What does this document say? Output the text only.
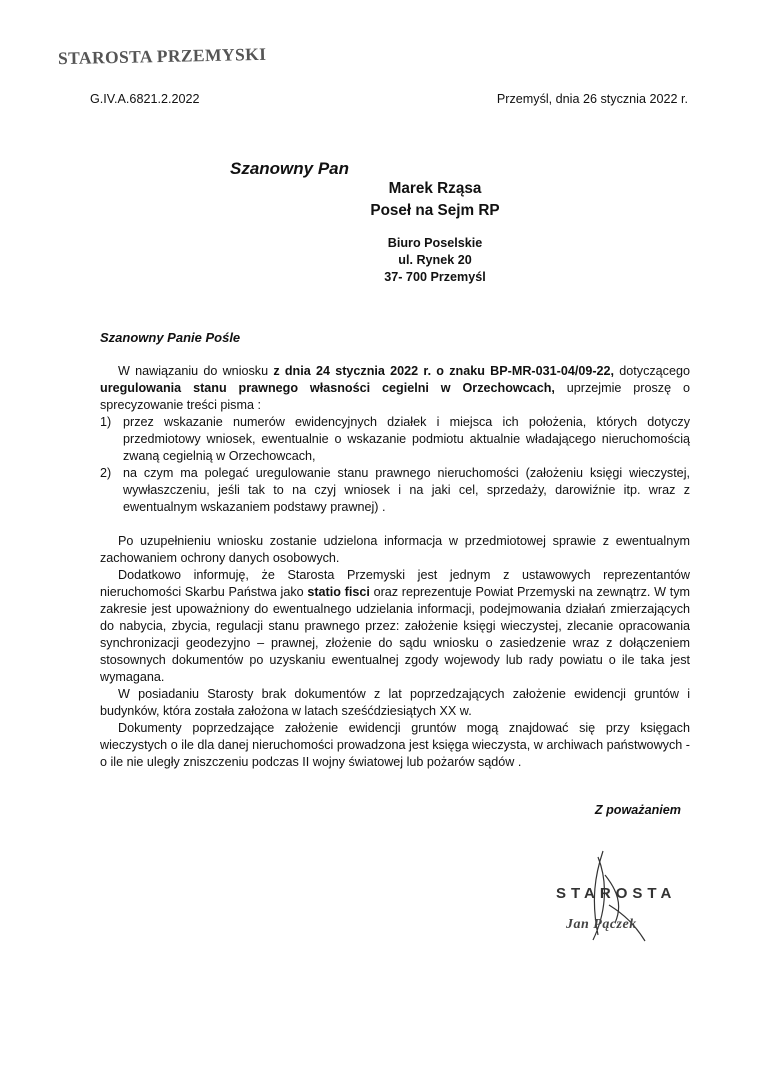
STAROSTA PRZEMYSKI
G.IV.A.6821.2.2022	Przemyśl, dnia 26 stycznia 2022 r.
Szanowny Pan
Marek Rząsa
Poseł na Sejm RP
Biuro Poselskie
ul. Rynek 20
37- 700 Przemyśl
Szanowny Panie Pośle

W nawiązaniu do wniosku z dnia 24 stycznia 2022 r. o znaku BP-MR-031-04/09-22, dotyczącego uregulowania stanu prawnego własności cegielni w Orzechowcach, uprzejmie proszę o sprecyzowanie treści pisma :

1) przez wskazanie numerów ewidencyjnych działek i miejsca ich położenia, których dotyczy przedmiotowy wniosek, ewentualnie o wskazanie podmiotu aktualnie władającego nieruchomością zwaną cegielnią w Orzechowcach,
2) na czym ma polegać uregulowanie stanu prawnego nieruchomości (założeniu księgi wieczystej, wywłaszczeniu, jeśli tak to na czyj wniosek i na jaki cel, sprzedaży, darowiźnie itp. wraz z ewentualnym wskazaniem podstawy prawnej) .

Po uzupełnieniu wniosku zostanie udzielona informacja w przedmiotowej sprawie z ewentualnym zachowaniem ochrony danych osobowych.

Dodatkowo informuję, że Starosta Przemyski jest jednym z ustawowych reprezentantów nieruchomości Skarbu Państwa jako statio fisci oraz reprezentuje Powiat Przemyski na zewnątrz. W tym zakresie jest upoważniony do ewentualnego udzielania informacji, podejmowania działań zmierzających do nabycia, zbycia, regulacji stanu prawnego przez: założenie księgi wieczystej, zlecanie opracowania synchronizacji geodezyjno – prawnej, złożenie do sądu wniosku o zasiedzenie wraz z dołączeniem stosownych dokumentów po uzyskaniu ewentualnej zgody wojewody lub rady powiatu o ile taka jest wymagana.

W posiadaniu Starosty brak dokumentów z lat poprzedzających założenie ewidencji gruntów i budynków, która została założona w latach sześćdziesiątych XX w.

Dokumenty poprzedzające założenie ewidencji gruntów mogą znajdować się przy księgach wieczystych o ile dla danej nieruchomości prowadzona jest księga wieczysta, w archiwach państwowych - o ile nie uległy zniszczeniu podczas II wojny światowej lub pożarów sądów .

Z poważaniem
STAROSTA
Jan Pączek
